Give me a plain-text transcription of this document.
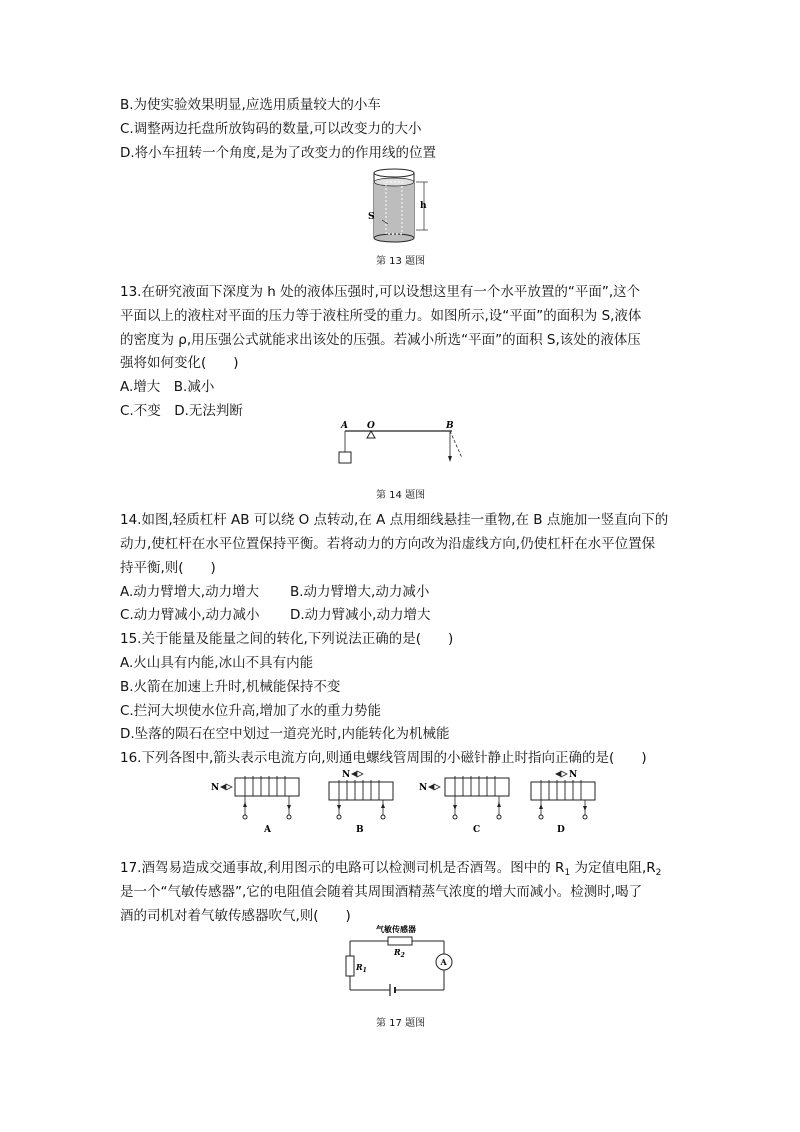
B.为使实验效果明显,应选用质量较大的小车
C.调整两边托盘所放钩码的数量,可以改变力的大小
D.将小车扭转一个角度,是为了改变力的作用线的位置
S
h
第 13 题图
13.在研究液面下深度为 h 处的液体压强时,可以设想这里有一个水平放置的“平面”,这个
平面以上的液柱对平面的压力等于液柱所受的重力。如图所示,设“平面”的面积为 S,液体
的密度为 ρ,用压强公式就能求出该处的压强。若减小所选“平面”的面积 S,该处的液体压
强将如何变化(　　)
A.增大　B.减小
C.不变　D.无法判断
A O	B
第 14 题图
14.如图,轻质杠杆 AB 可以绕 O 点转动,在 A 点用细线悬挂一重物,在 B 点施加一竖直向下的
动力,使杠杆在水平位置保持平衡。若将动力的方向改为沿虚线方向,仍使杠杆在水平位置保
持平衡,则(　　)
A.动力臂增大,动力增大 B.动力臂增大,动力减小
C.动力臂减小,动力减小 D.动力臂减小,动力增大
15.关于能量及能量之间的转化,下列说法正确的是(　　)
A.火山具有内能,冰山不具有内能
B.火箭在加速上升时,机械能保持不变
C.拦河大坝使水位升高,增加了水的重力势能
D.坠落的陨石在空中划过一道亮光时,内能转化为机械能
16.下列各图中,箭头表示电流方向,则通电螺线管周围的小磁针静止时指向正确的是(　　)
N
A
N
B
N
C
N
D
17.酒驾易造成交通事故,利用图示的电路可以检测司机是否酒驾。图中的 $R_1$ 为定值电阻$,R_2$
是一个“气敏传感器”,它的电阻值会随着其周围酒精蒸气浓度的增大而减小。检测时,喝了
酒的司机对着气敏传感器吹气,则(　　)
气敏传感器
$R_2$
$R_1$
A
第 17 题图
